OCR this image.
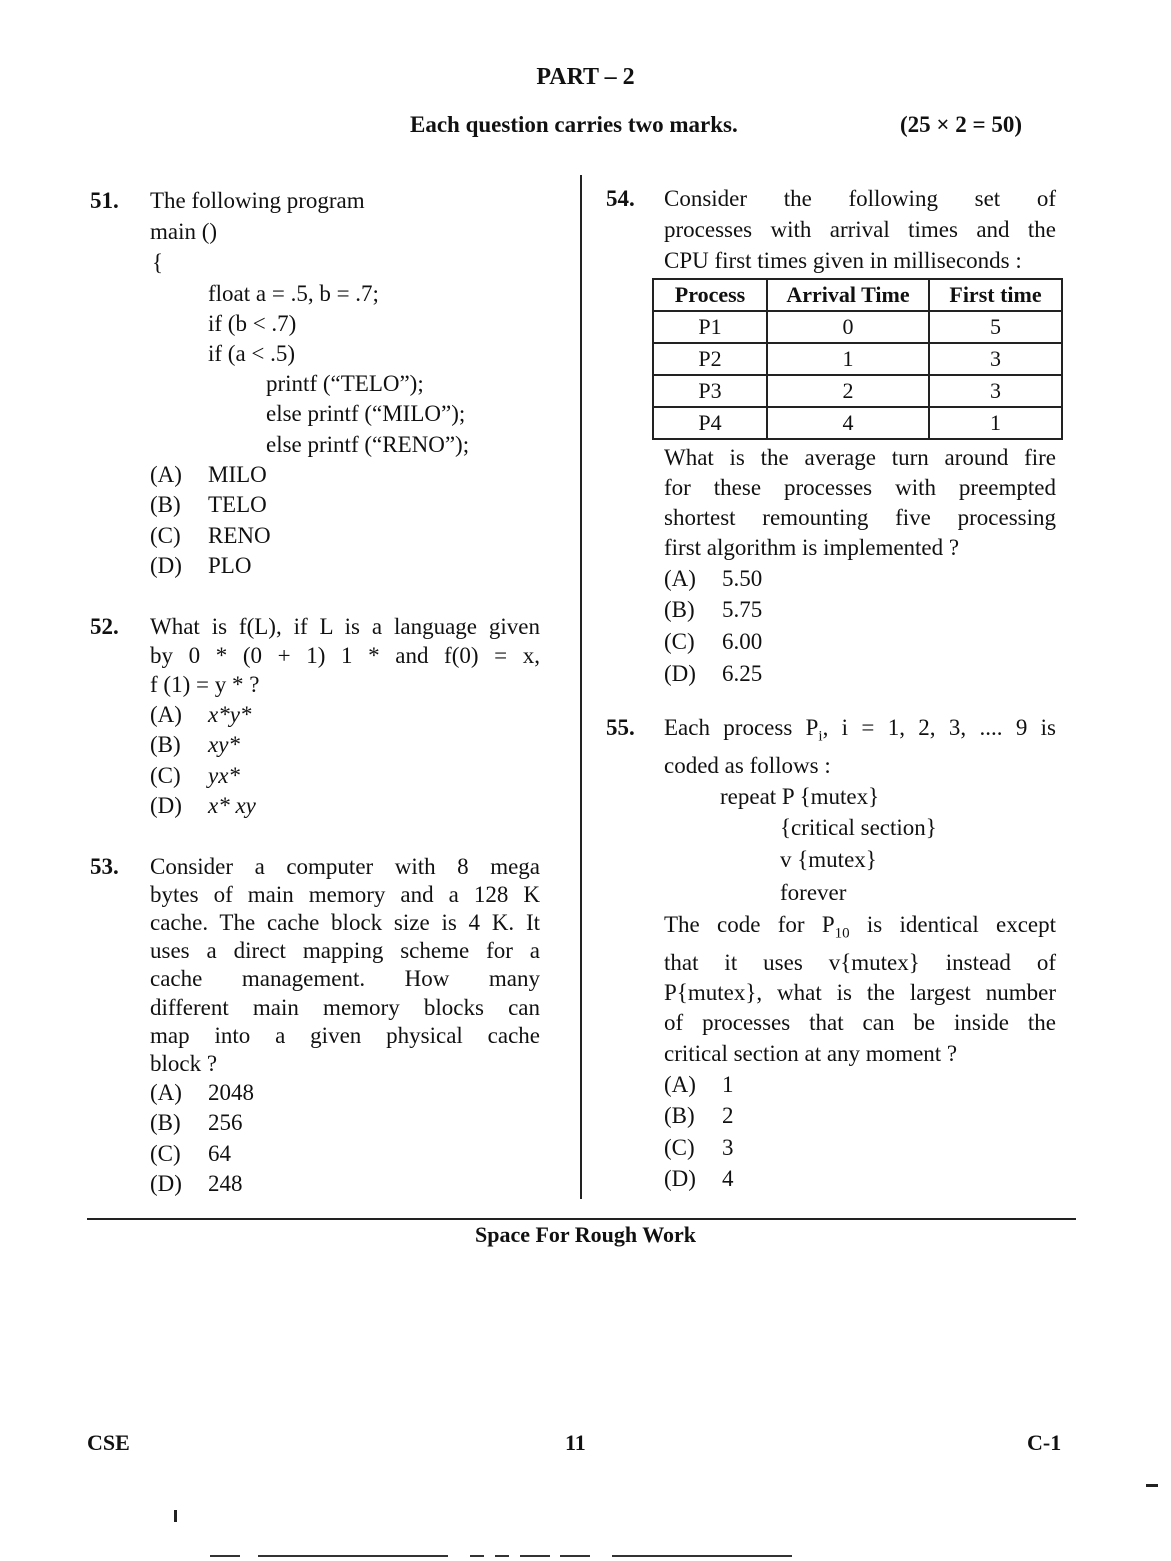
PART – 2
Each question carries two marks.	(25 × 2 = 50)
51. The following program
main ()
{
float a = .5, b = .7;
if (b < .7)
if (a < .5)
printf (“TELO”);
else printf (“MILO”);
else printf (“RENO”);
(A) MILO
(B) TELO
(C) RENO
(D) PLO
52. What is f(L), if L is a language given
by 0 * (0 + 1) 1 * and f(0) = x,
f (1) = y * ?
(A) x*y*
(B) xy*
(C) yx*
(D) x* xy
53. Consider a computer with 8 mega
bytes of main memory and a 128 K
cache. The cache block size is 4 K. It
uses a direct mapping scheme for a
cache management. How many
different main memory blocks can
map into a given physical cache
block ?
(A) 2048
(B) 256
(C) 64
(D) 248
54. Consider the following set of
processes with arrival times and the
CPU first times given in milliseconds :
Process	Arrival Time	First time
P1	0	5
P2	1	3
P3	2	3
P4	4	1
What is the average turn around fire
for these processes with preempted
shortest remounting five processing
first algorithm is implemented ?
(A) 5.50
(B) 5.75
(C) 6.00
(D) 6.25
55. Each process $P_i$, i = 1, 2, 3, .... 9 is
coded as follows :
repeat P {mutex}
{critical section}
v {mutex}
forever
The code for $P_{10}$ is identical except
that it uses v{mutex} instead of
P{mutex}, what is the largest number
of processes that can be inside the
critical section at any moment ?
(A) 1
(B) 2
(C) 3
(D) 4
Space For Rough Work
CSE	11	C-1
